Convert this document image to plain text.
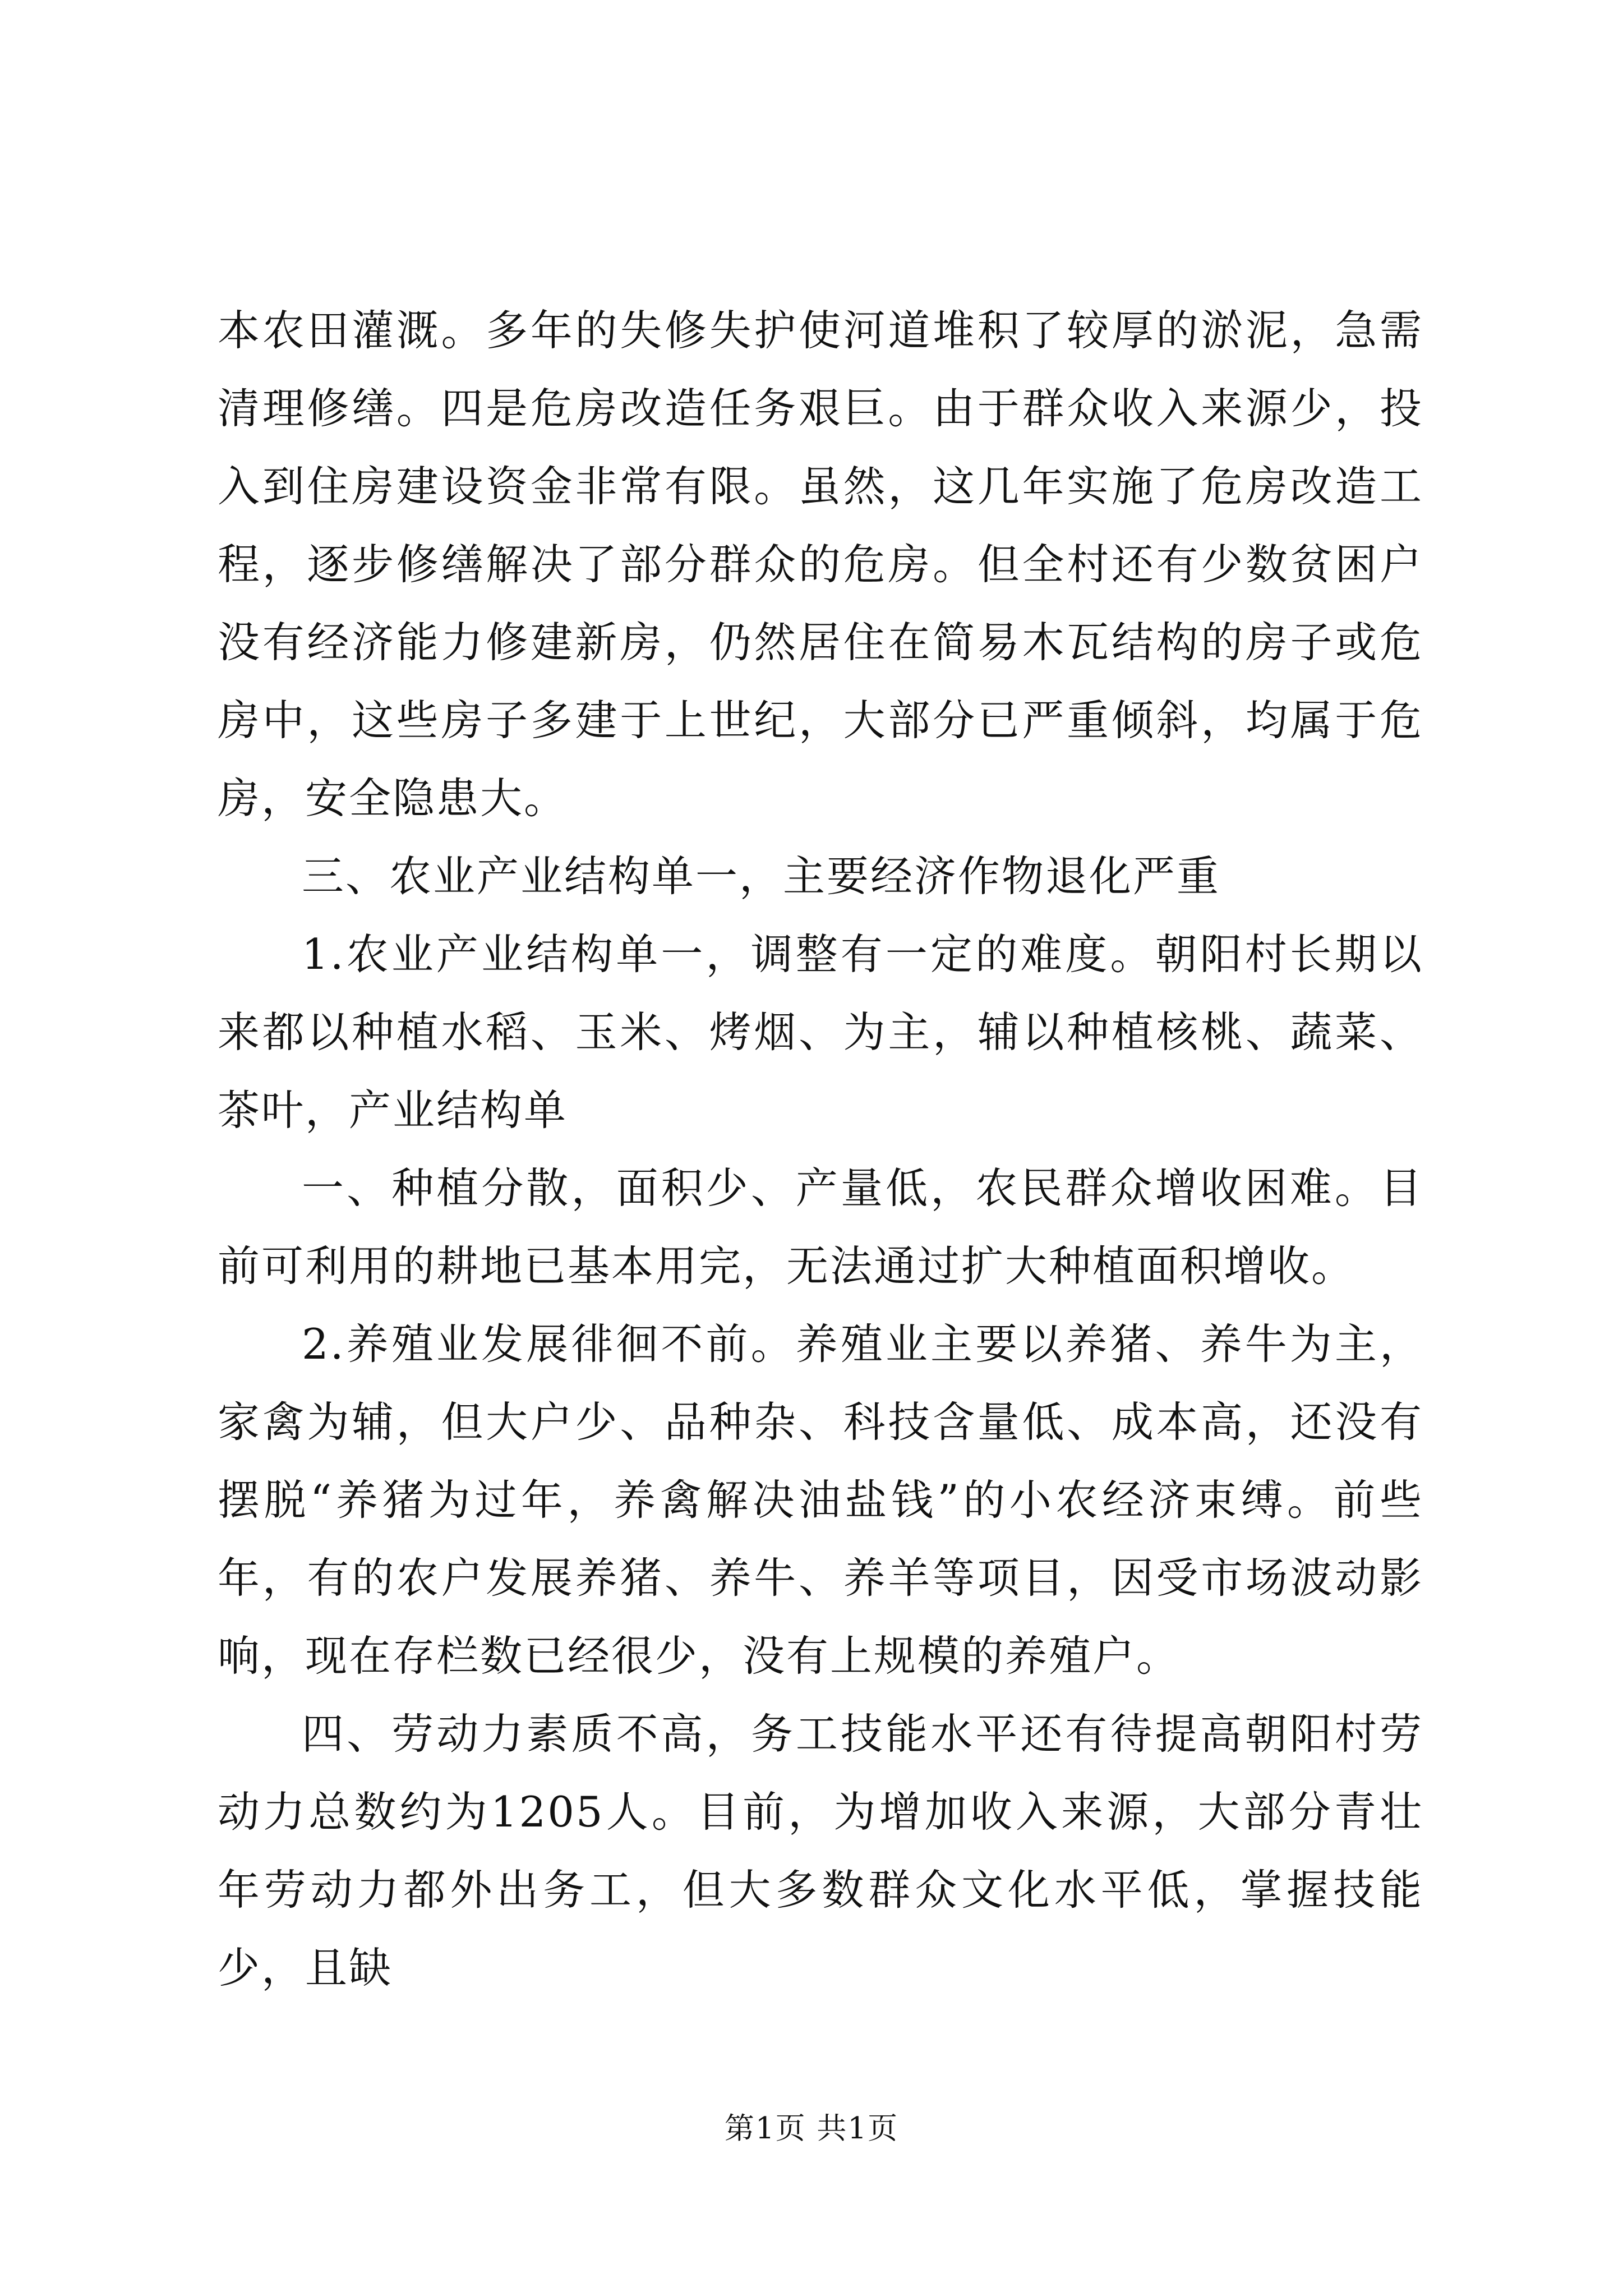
本农田灌溉。多年的失修失护使河道堆积了较厚的淤泥，急需清理修缮。四是危房改造任务艰巨。由于群众收入来源少，投入到住房建设资金非常有限。虽然，这几年实施了危房改造工程，逐步修缮解决了部分群众的危房。但全村还有少数贫困户没有经济能力修建新房，仍然居住在简易木瓦结构的房子或危房中，这些房子多建于上世纪，大部分已严重倾斜，均属于危房，安全隐患大。

三、农业产业结构单一，主要经济作物退化严重

1.农业产业结构单一，调整有一定的难度。朝阳村长期以来都以种植水稻、玉米、烤烟、为主，辅以种植核桃、蔬菜、茶叶，产业结构单

一、种植分散，面积少、产量低，农民群众增收困难。目前可利用的耕地已基本用完，无法通过扩大种植面积增收。

2.养殖业发展徘徊不前。养殖业主要以养猪、养牛为主，家禽为辅，但大户少、品种杂、科技含量低、成本高，还没有摆脱“养猪为过年，养禽解决油盐钱”的小农经济束缚。前些年，有的农户发展养猪、养牛、养羊等项目，因受市场波动影响，现在存栏数已经很少，没有上规模的养殖户。

四、劳动力素质不高，务工技能水平还有待提高朝阳村劳动力总数约为1205人。目前，为增加收入来源，大部分青壮年劳动力都外出务工，但大多数群众文化水平低，掌握技能少，且缺

第1页 共1页
